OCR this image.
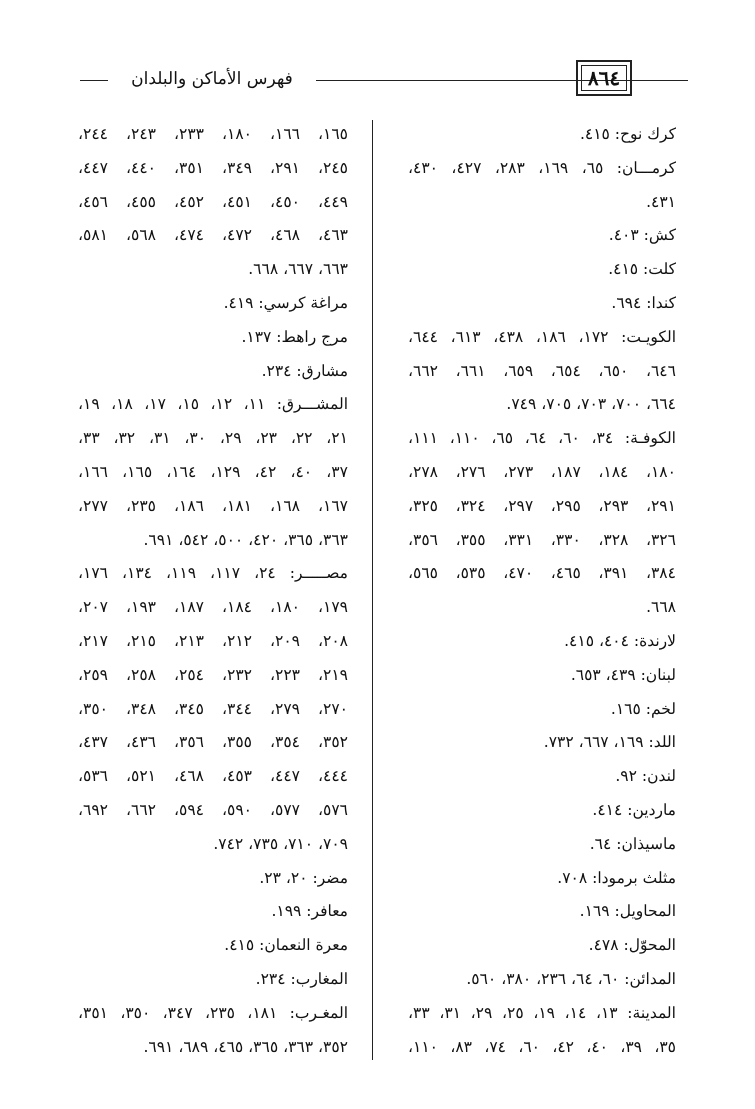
فهرس الأماكن والبلدان	٨٦٤
كرك نوح: ٤١٥.
كرمـــان: ٦٥، ١٦٩، ٢٨٣، ٤٢٧، ٤٣٠،
٤٣١.
كش: ٤٠٣.
كلت: ٤١٥.
كندا: ٦٩٤.
الكويـت: ١٧٢، ١٨٦، ٤٣٨، ٦١٣، ٦٤٤،
٦٤٦، ٦٥٠، ٦٥٤، ٦٥٩، ٦٦١، ٦٦٢،
٦٦٤، ٧٠٠، ٧٠٣، ٧٠٥، ٧٤٩.
الكوفـة: ٣٤، ٦٠، ٦٤، ٦٥، ١١٠، ١١١،
١٨٠، ١٨٤، ١٨٧، ٢٧٣، ٢٧٦، ٢٧٨،
٢٩١، ٢٩٣، ٢٩٥، ٢٩٧، ٣٢٤، ٣٢٥،
٣٢٦، ٣٢٨، ٣٣٠، ٣٣١، ٣٥٥، ٣٥٦،
٣٨٤، ٣٩١، ٤٦٥، ٤٧٠، ٥٣٥، ٥٦٥،
٦٦٨.
لارندة: ٤٠٤، ٤١٥.
لبنان: ٤٣٩، ٦٥٣.
لخم: ١٦٥.
اللد: ١٦٩، ٦٦٧، ٧٣٢.
لندن: ٩٢.
ماردين: ٤١٤.
ماسيذان: ٦٤.
مثلث برمودا: ٧٠٨.
المحاويل: ١٦٩.
المحوّل: ٤٧٨.
المدائن: ٦٠، ٦٤، ٢٣٦، ٣٨٠، ٥٦٠.
المدينة: ١٣، ١٤، ١٩، ٢٥، ٢٩، ٣١، ٣٣،
٣٥، ٣٩، ٤٠، ٤٢، ٦٠، ٧٤، ٨٣، ١١٠،
١٦٥، ١٦٦، ١٨٠، ٢٣٣، ٢٤٣، ٢٤٤،
٢٤٥، ٢٩١، ٣٤٩، ٣٥١، ٤٤٠، ٤٤٧،
٤٤٩، ٤٥٠، ٤٥١، ٤٥٢، ٤٥٥، ٤٥٦،
٤٦٣، ٤٦٨، ٤٧٢، ٤٧٤، ٥٦٨، ٥٨١،
٦٦٣، ٦٦٧، ٦٦٨.
مراغة كرسي: ٤١٩.
مرج راهط: ١٣٧.
مشارق: ٢٣٤.
المشـــرق: ١١، ١٢، ١٥، ١٧، ١٨، ١٩،
٢١، ٢٢، ٢٣، ٢٩، ٣٠، ٣١، ٣٢، ٣٣،
٣٧، ٤٠، ٤٢، ١٢٩، ١٦٤، ١٦٥، ١٦٦،
١٦٧، ١٦٨، ١٨١، ١٨٦، ٢٣٥، ٢٧٧،
٣٦٣، ٣٦٥، ٤٢٠، ٥٠٠، ٥٤٢، ٦٩١.
مصـــــر: ٢٤، ١١٧، ١١٩، ١٣٤، ١٧٦،
١٧٩، ١٨٠، ١٨٤، ١٨٧، ١٩٣، ٢٠٧،
٢٠٨، ٢٠٩، ٢١٢، ٢١٣، ٢١٥، ٢١٧،
٢١٩، ٢٢٣، ٢٣٢، ٢٥٤، ٢٥٨، ٢٥٩،
٢٧٠، ٢٧٩، ٣٤٤، ٣٤٥، ٣٤٨، ٣٥٠،
٣٥٢، ٣٥٤، ٣٥٥، ٣٥٦، ٤٣٦، ٤٣٧،
٤٤٤، ٤٤٧، ٤٥٣، ٤٦٨، ٥٢١، ٥٣٦،
٥٧٦، ٥٧٧، ٥٩٠، ٥٩٤، ٦٦٢، ٦٩٢،
٧٠٩، ٧١٠، ٧٣٥، ٧٤٢.
مضر: ٢٠، ٢٣.
معافر: ١٩٩.
معرة النعمان: ٤١٥.
المغارب: ٢٣٤.
المغـرب: ١٨١، ٢٣٥، ٣٤٧، ٣٥٠، ٣٥١،
٣٥٢، ٣٦٣، ٣٦٥، ٤٦٥، ٦٨٩، ٦٩١.
